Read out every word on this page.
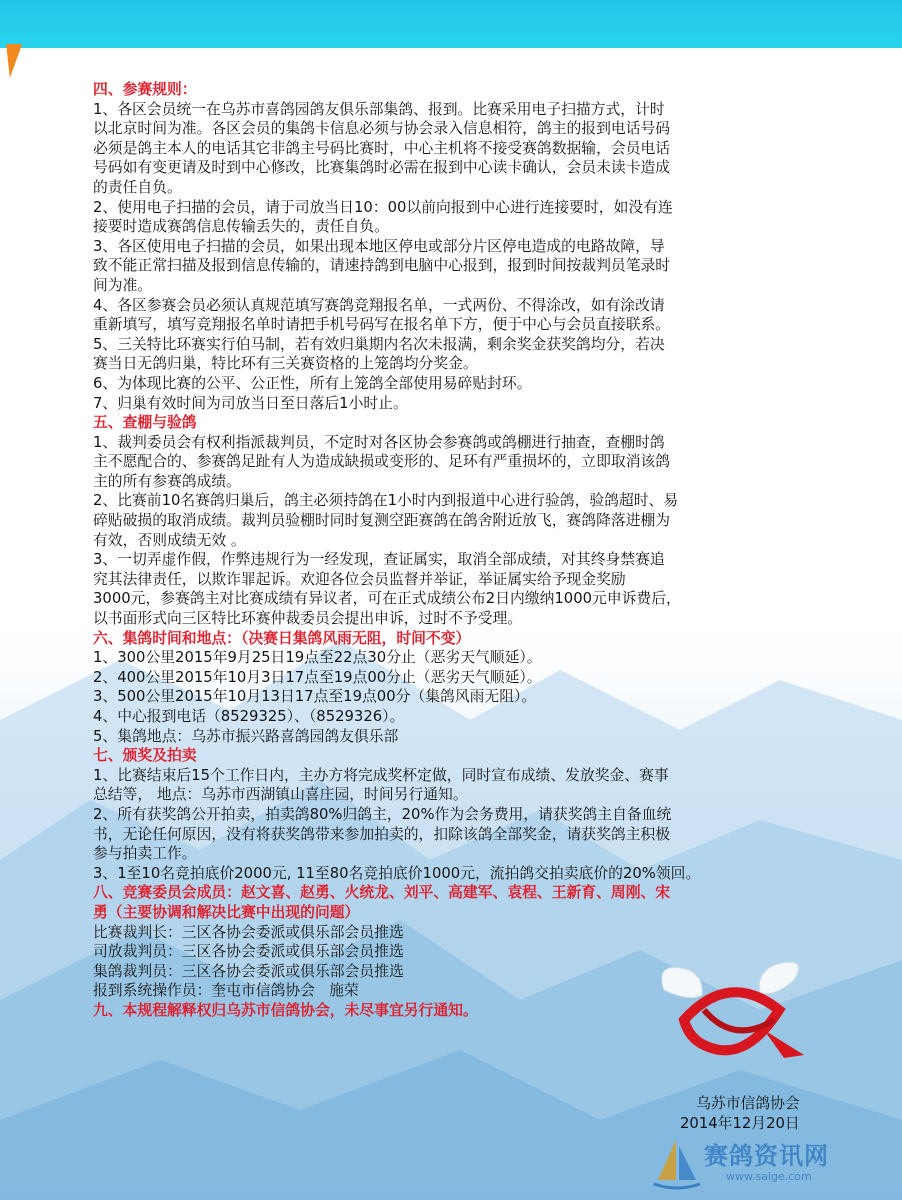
四、参赛规则：

1、各区会员统一在乌苏市喜鸽园鸽友俱乐部集鸽、报到。比赛采用电子扫描方式，计时

以北京时间为准。各区会员的集鸽卡信息必须与协会录入信息相符，鸽主的报到电话号码

必须是鸽主本人的电话其它非鸽主号码比赛时，中心主机将不接受赛鸽数据输，会员电话

号码如有变更请及时到中心修改，比赛集鸽时必需在报到中心读卡确认，会员未读卡造成

的责任自负。

2、使用电子扫描的会员，请于司放当日10：00以前向报到中心进行连接要时，如没有连

接要时造成赛鸽信息传输丢失的，责任自负。

3、各区使用电子扫描的会员，如果出现本地区停电或部分片区停电造成的电路故障，导

致不能正常扫描及报到信息传输的，请速持鸽到电脑中心报到，报到时间按裁判员笔录时

间为准。

4、各区参赛会员必须认真规范填写赛鸽竞翔报名单，一式两份、不得涂改，如有涂改请

重新填写，填写竞翔报名单时请把手机号码写在报名单下方，便于中心与会员直接联系。

5、三关特比环赛实行伯马制，若有效归巢期内名次未报满，剩余奖金获奖鸽均分，若决

赛当日无鸽归巢，特比环有三关赛资格的上笼鸽均分奖金。

6、为体现比赛的公平、公正性，所有上笼鸽全部使用易碎贴封环。

7、归巢有效时间为司放当日至日落后1小时止。

五、查棚与验鸽

1、裁判委员会有权利指派裁判员，不定时对各区协会参赛鸽或鸽棚进行抽查，查棚时鸽

主不愿配合的、参赛鸽足趾有人为造成缺损或变形的、足环有严重损坏的，立即取消该鸽

主的所有参赛鸽成绩。

2、比赛前10名赛鸽归巢后，鸽主必须持鸽在1小时内到报道中心进行验鸽，验鸽超时、易

碎贴破损的取消成绩。裁判员验棚时同时复测空距赛鸽在鸽舍附近放飞，赛鸽降落进棚为

有效，否则成绩无效 。

3、一切弄虚作假，作弊违规行为一经发现，查证属实，取消全部成绩，对其终身禁赛追

究其法律责任，以欺诈罪起诉。欢迎各位会员监督并举证，举证属实给予现金奖励

3000元，参赛鸽主对比赛成绩有异议者，可在正式成绩公布2日内缴纳1000元申诉费后，

以书面形式向三区特比环赛仲裁委员会提出申诉，过时不予受理。

六、集鸽时间和地点：（决赛日集鸽风雨无阻，时间不变）

1、300公里2015年9月25日19点至22点30分止（恶劣天气顺延）。

2、400公里2015年10月3日17点至19点00分止（恶劣天气顺延）。

3、500公里2015年10月13日17点至19点00分（集鸽风雨无阻）。

4、中心报到电话（8529325）、（8529326）。

5、集鸽地点：乌苏市振兴路喜鸽园鸽友俱乐部

七、颁奖及拍卖

1、比赛结束后15个工作日内，主办方将完成奖杯定做，同时宣布成绩、发放奖金、赛事

总结等， 地点：乌苏市西湖镇山喜庄园，时间另行通知。

2、所有获奖鸽公开拍卖，拍卖鸽80%归鸽主，20%作为会务费用，请获奖鸽主自备血统

书，无论任何原因，没有将获奖鸽带来参加拍卖的，扣除该鸽全部奖金，请获奖鸽主积极

参与拍卖工作。

3、1至10名竞拍底价2000元, 11至80名竞拍底价1000元，流拍鸽交拍卖底价的20%领回。

八、竞赛委员会成员：赵文喜、赵勇、火统龙、刘平、高建军、袁程、王新育、周刚、宋

勇（主要协调和解决比赛中出现的问题）

比赛裁判长：三区各协会委派或俱乐部会员推选

司放裁判员：三区各协会委派或俱乐部会员推选

集鸽裁判员：三区各协会委派或俱乐部会员推选

报到系统操作员：奎屯市信鸽协会   施荣

九、本规程解释权归乌苏市信鸽协会，未尽事宜另行通知。

乌苏市信鸽协会
2014年12月20日
赛鸽资讯网
www.saige.com
